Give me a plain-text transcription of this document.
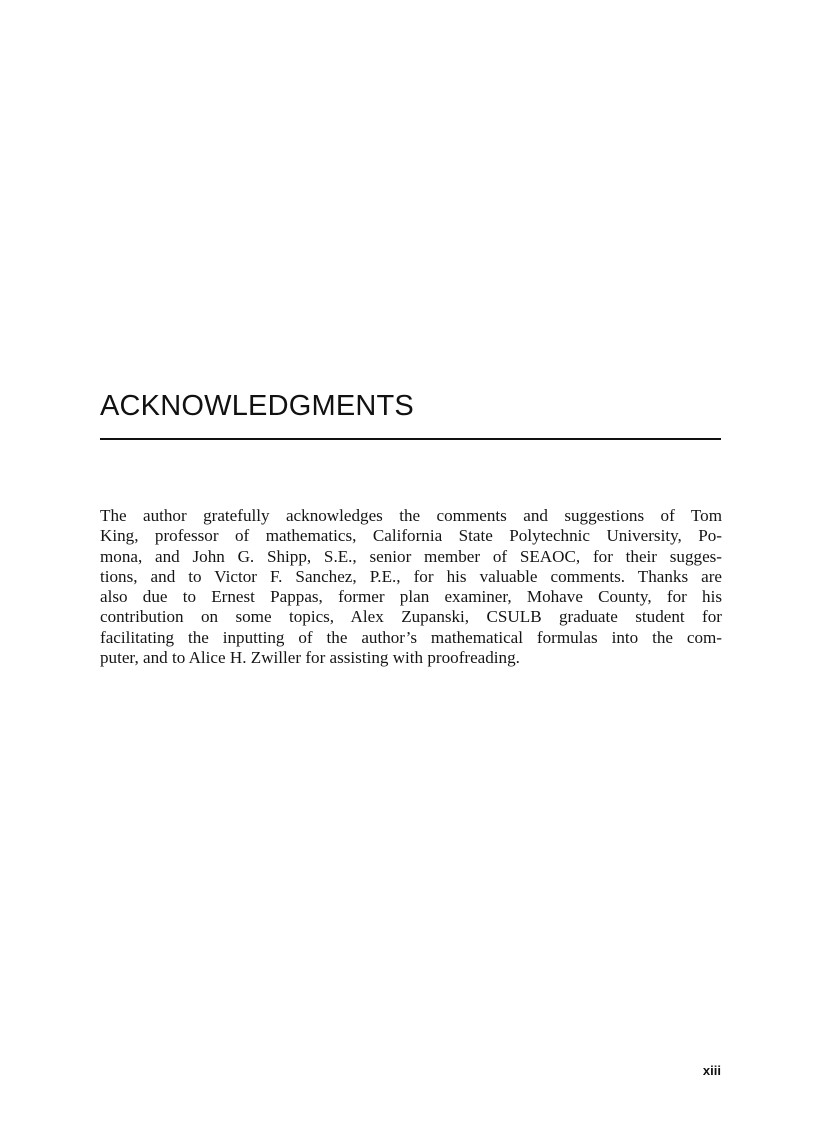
ACKNOWLEDGMENTS

The author gratefully acknowledges the comments and suggestions of Tom
King, professor of mathematics, California State Polytechnic University, Po-
mona, and John G. Shipp, S.E., senior member of SEAOC, for their sugges-
tions, and to Victor F. Sanchez, P.E., for his valuable comments. Thanks are
also due to Ernest Pappas, former plan examiner, Mohave County, for his
contribution on some topics, Alex Zupanski, CSULB graduate student for
facilitating the inputting of the author’s mathematical formulas into the com-
puter, and to Alice H. Zwiller for assisting with proofreading.

xiii
